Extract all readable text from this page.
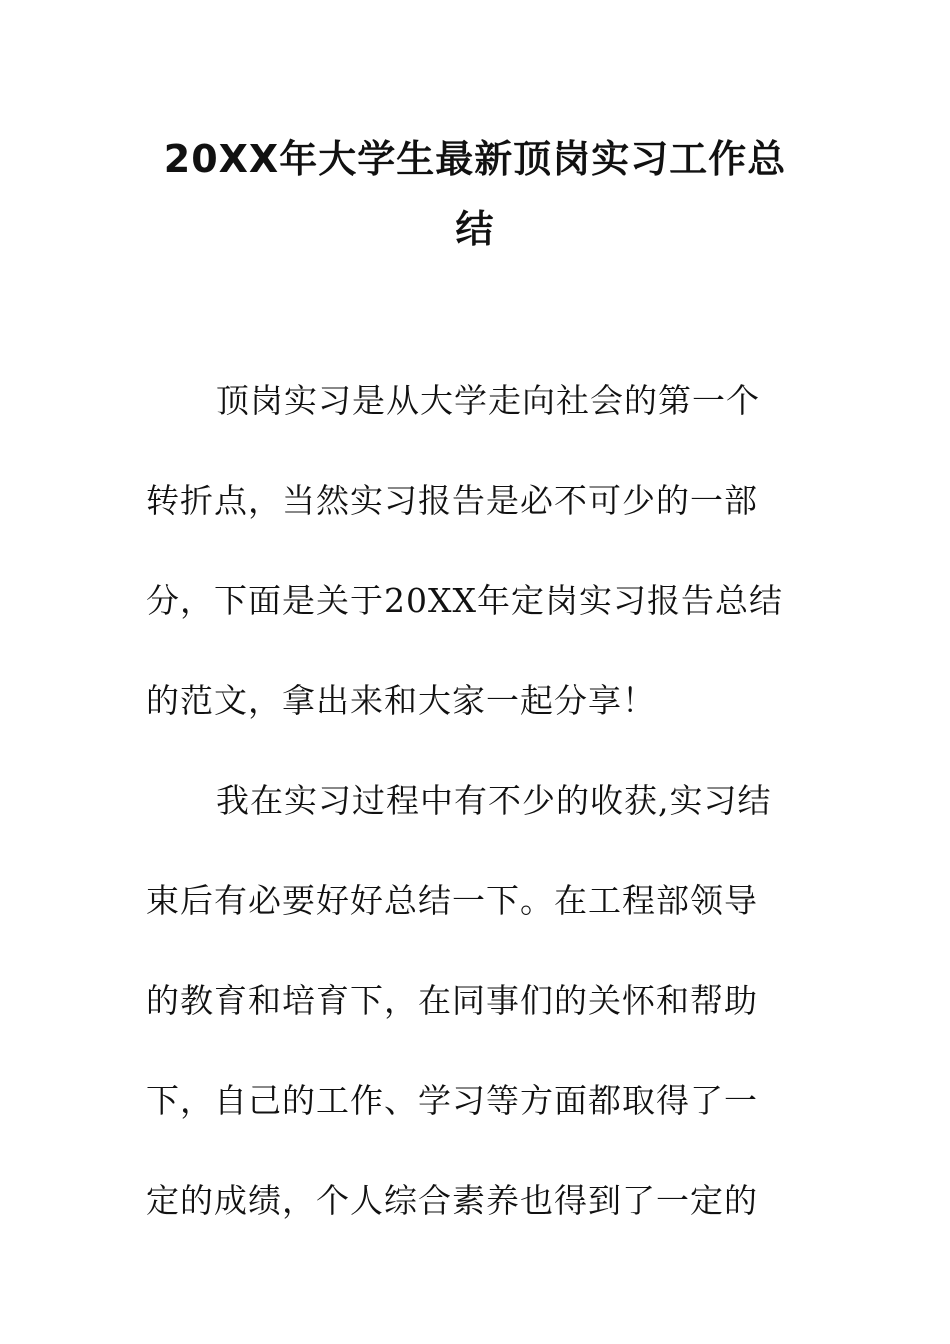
20XX年大学生最新顶岗实习工作总
结
顶岗实习是从大学走向社会的第一个
转折点，当然实习报告是必不可少的一部
分，下面是关于20XX年定岗实习报告总结
的范文，拿出来和大家一起分享！
我在实习过程中有不少的收获,实习结
束后有必要好好总结一下。在工程部领导
的教育和培育下，在同事们的关怀和帮助
下，自己的工作、学习等方面都取得了一
定的成绩，个人综合素养也得到了一定的
